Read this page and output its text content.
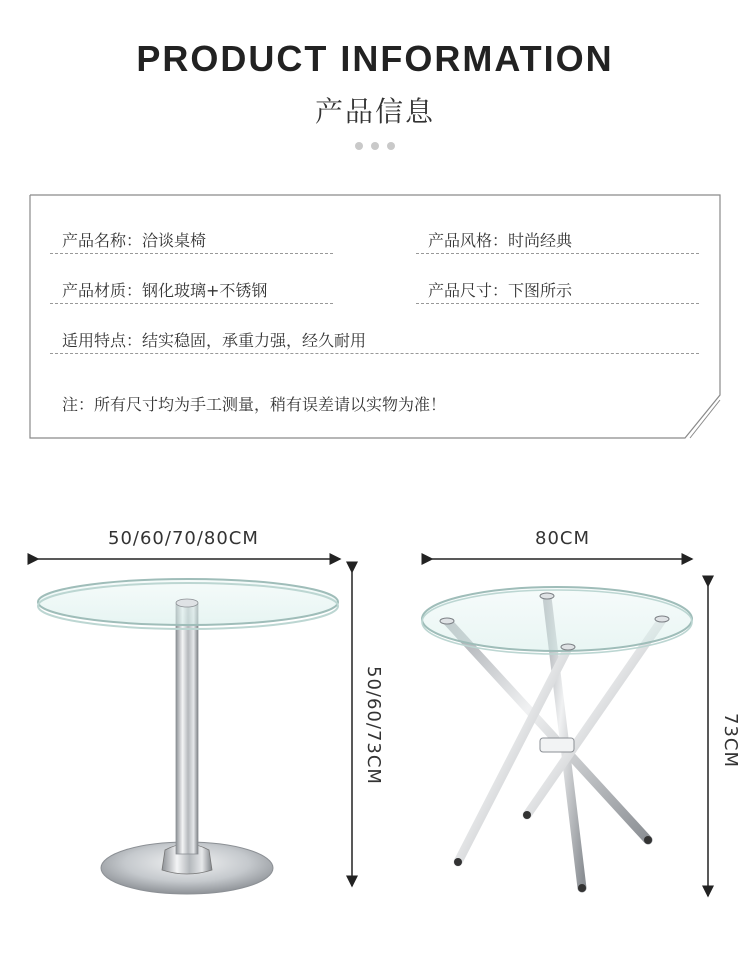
PRODUCT INFORMATION
产品信息
产品名称：洽谈桌椅	产品风格：时尚经典
产品材质：钢化玻璃+不锈钢	产品尺寸：下图所示
适用特点：结实稳固，承重力强，经久耐用
注：所有尺寸均为手工测量，稍有误差请以实物为准！
50/60/70/80CM
50/60/73CM
80CM
73CM
